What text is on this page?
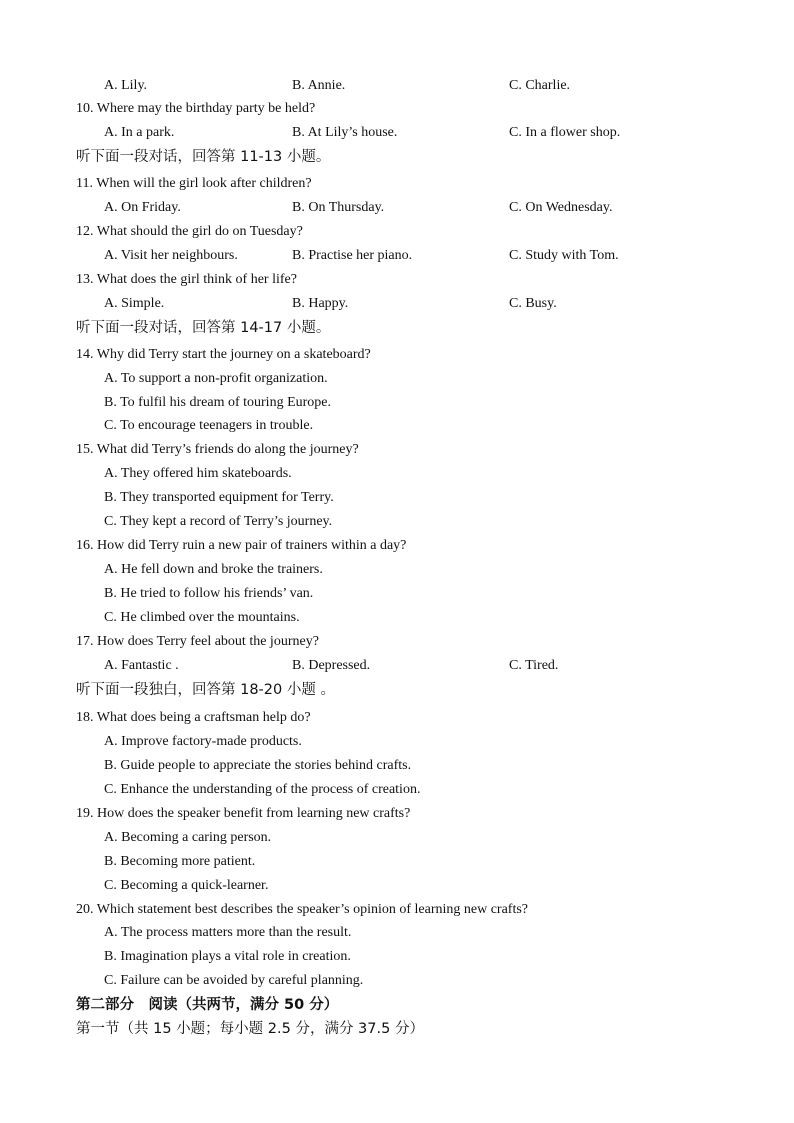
A. Lily.	B. Annie.	C. Charlie.
10. Where may the birthday party be held?
A. In a park.	B. At Lily’s house.	C. In a flower shop.
听下面一段对话，回答第 11-13 小题。
11. When will the girl look after children?
A. On Friday.	B. On Thursday.	C. On Wednesday.
12. What should the girl do on Tuesday?
A. Visit her neighbours.	B. Practise her piano.	C. Study with Tom.
13. What does the girl think of her life?
A. Simple.	B. Happy.	C. Busy.
听下面一段对话，回答第 14-17 小题。
14. Why did Terry start the journey on a skateboard?
A. To support a non-profit organization.
B. To fulfil his dream of touring Europe.
C. To encourage teenagers in trouble.
15. What did Terry’s friends do along the journey?
A. They offered him skateboards.
B. They transported equipment for Terry.
C. They kept a record of Terry’s journey.
16. How did Terry ruin a new pair of trainers within a day?
A. He fell down and broke the trainers.
B. He tried to follow his friends’ van.
C. He climbed over the mountains.
17. How does Terry feel about the journey?
A. Fantastic .	B. Depressed.	C. Tired.
听下面一段独白，回答第 18-20 小题 。
18. What does being a craftsman help do?
A. Improve factory-made products.
B. Guide people to appreciate the stories behind crafts.
C. Enhance the understanding of the process of creation.
19. How does the speaker benefit from learning new crafts?
A. Becoming a caring person.
B. Becoming more patient.
C. Becoming a quick-learner.
20. Which statement best describes the speaker’s opinion of learning new crafts?
A. The process matters more than the result.
B. Imagination plays a vital role in creation.
C. Failure can be avoided by careful planning.
第二部分　阅读（共两节，满分 50 分）
第一节（共 15 小题；每小题 2.5 分，满分 37.5 分）
